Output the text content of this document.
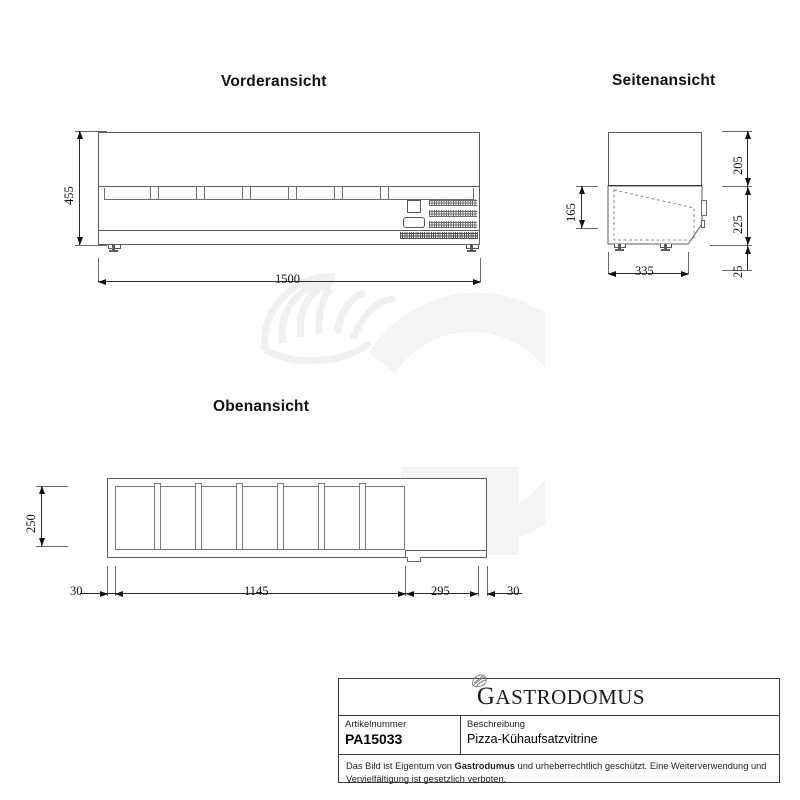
Vorderansicht
455
1500
Seitenansicht
165
205
225
25
335
Obenansicht
250
30	1145	295	30
GASTRODOMUS
Artikelnummer
PA15033
Beschreibung
Pizza-Kühaufsatzvitrine
Das Bild ist Eigentum von Gastrodumus und urheberrechtlich geschützt. Eine Weiterverwendung und Vervielfältigung ist gesetzlich verboten.
